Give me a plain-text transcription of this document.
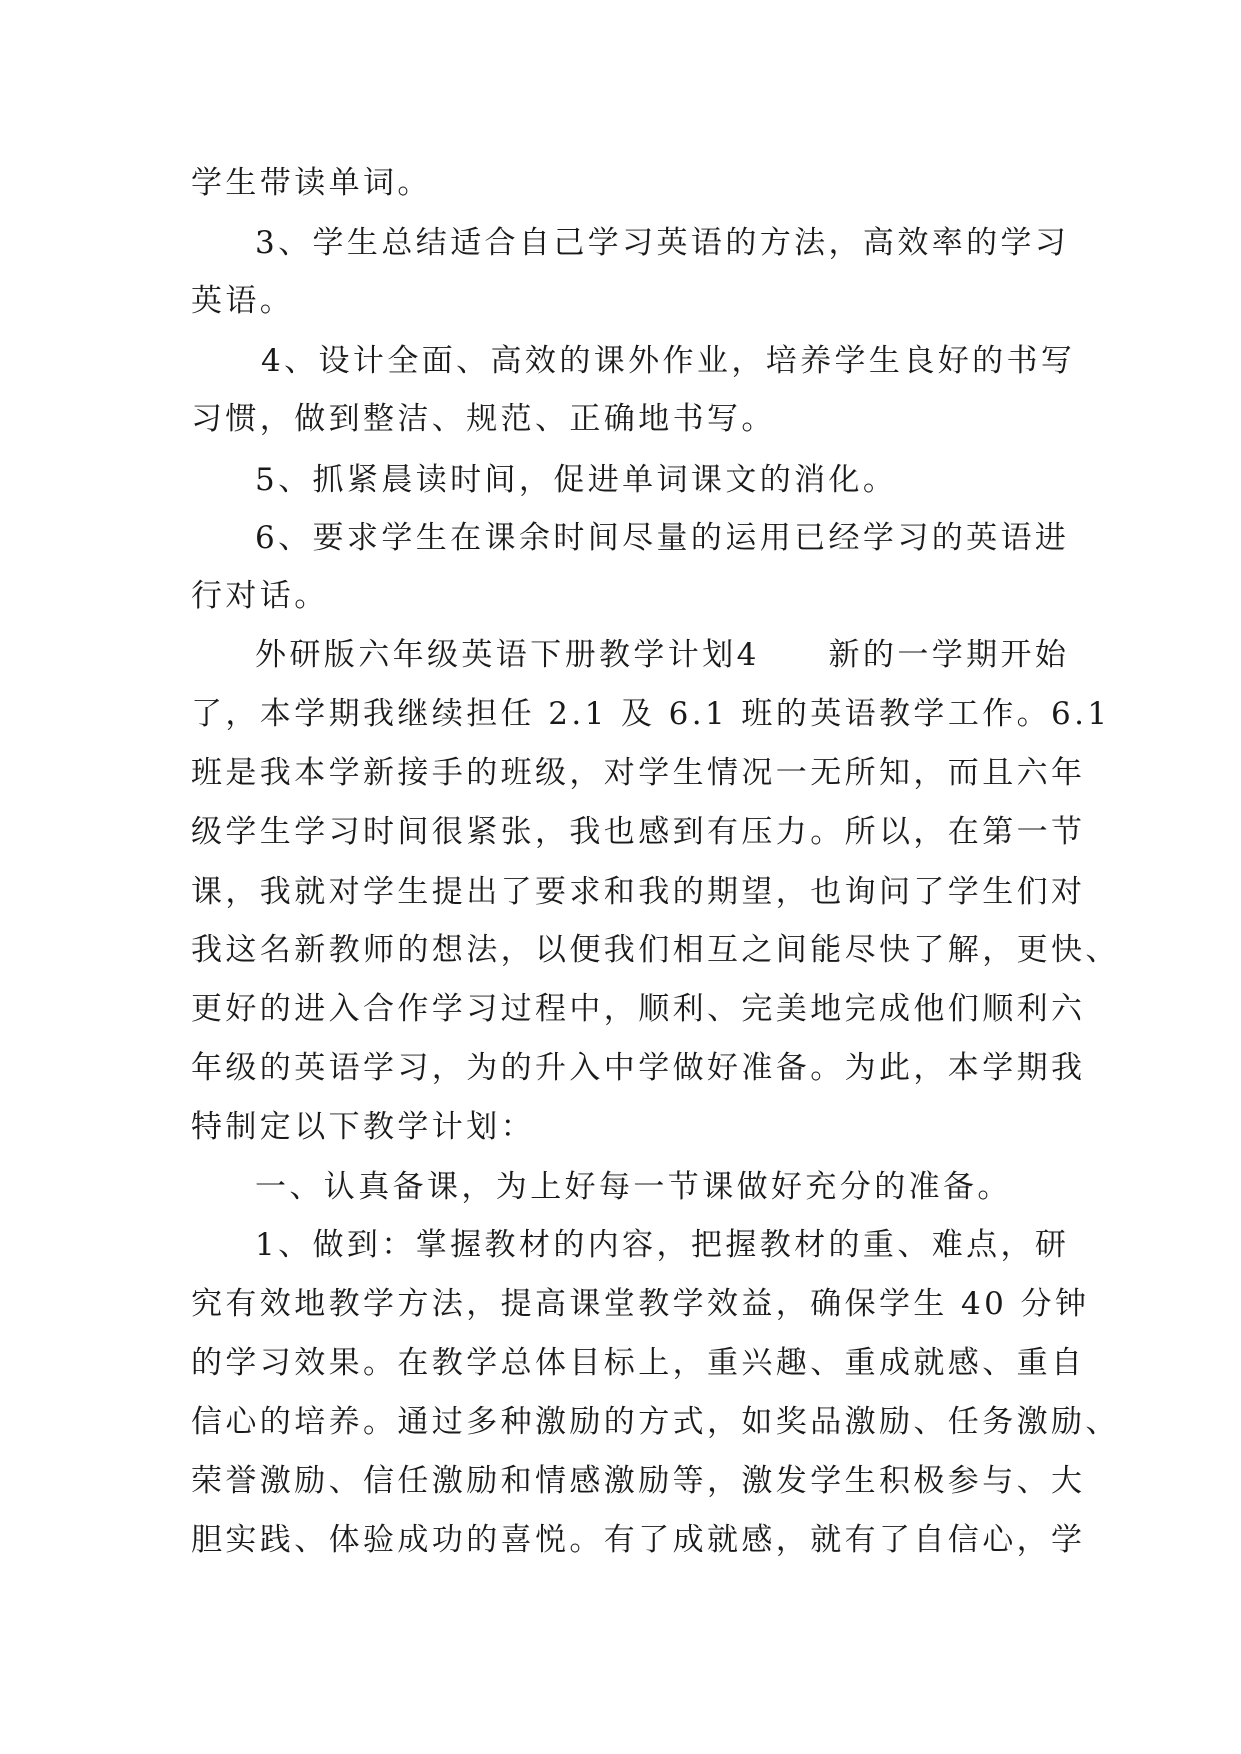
学生带读单词。
3、学生总结适合自己学习英语的方法，高效率的学习
英语。
4、设计全面、高效的课外作业，培养学生良好的书写
习惯，做到整洁、规范、正确地书写。
5、抓紧晨读时间，促进单词课文的消化。
6、要求学生在课余时间尽量的运用已经学习的英语进
行对话。
外研版六年级英语下册教学计划4　　新的一学期开始
了，本学期我继续担任 2.1 及 6.1 班的英语教学工作。6.1
班是我本学新接手的班级，对学生情况一无所知，而且六年
级学生学习时间很紧张，我也感到有压力。所以，在第一节
课，我就对学生提出了要求和我的期望，也询问了学生们对
我这名新教师的想法，以便我们相互之间能尽快了解，更快、
更好的进入合作学习过程中，顺利、完美地完成他们顺利六
年级的英语学习，为的升入中学做好准备。为此，本学期我
特制定以下教学计划：
一、认真备课，为上好每一节课做好充分的准备。
1、做到：掌握教材的内容，把握教材的重、难点，研
究有效地教学方法，提高课堂教学效益，确保学生 40 分钟
的学习效果。在教学总体目标上，重兴趣、重成就感、重自
信心的培养。通过多种激励的方式，如奖品激励、任务激励、
荣誉激励、信任激励和情感激励等，激发学生积极参与、大
胆实践、体验成功的喜悦。有了成就感，就有了自信心，学
